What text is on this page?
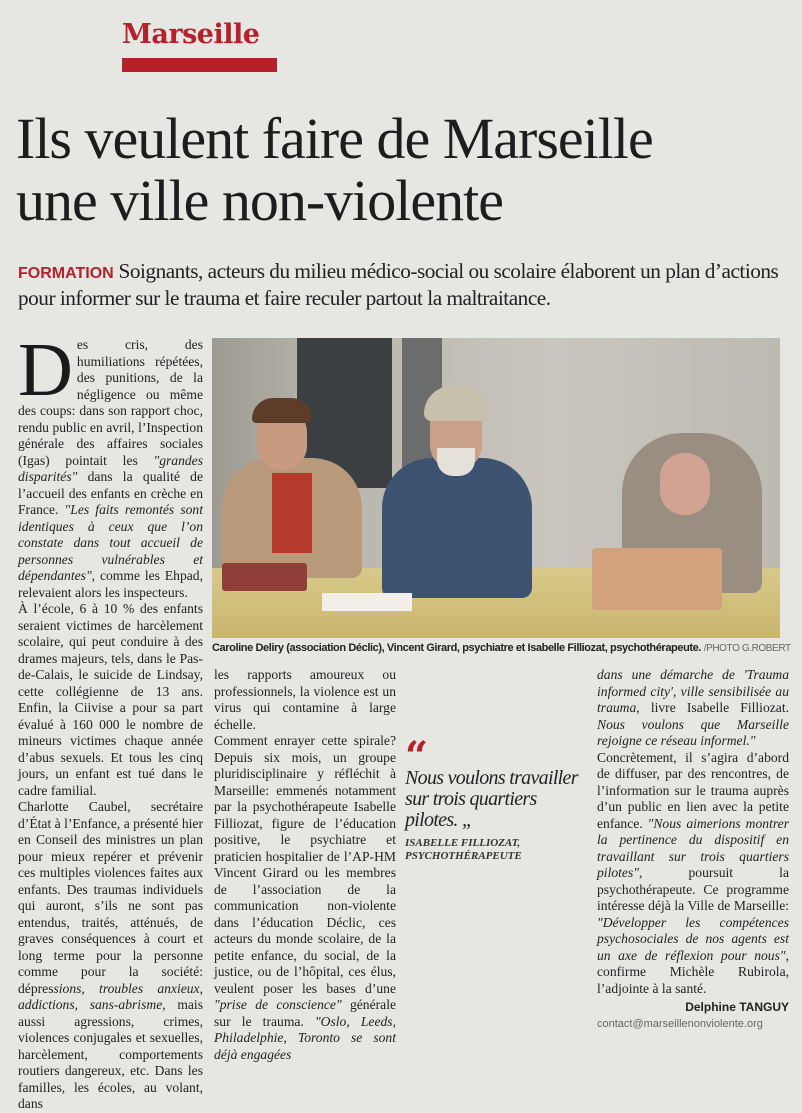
Marseille
Ils veulent faire de Marseille
une ville non-violente
FORMATION Soignants, acteurs du milieu médico-social ou scolaire élaborent un plan d’actions pour informer sur le trauma et faire reculer partout la maltraitance.

Des cris, des humiliations répétées, des punitions, de la négligence ou même des coups: dans son rapport choc, rendu public en avril, l’Inspection générale des affaires sociales (Igas) pointait les "grandes disparités" dans la qualité de l’accueil des enfants en crèche en France. "Les faits remontés sont identiques à ceux que l’on constate dans tout accueil de personnes vulnérables et dépendantes", comme les Ehpad, relevaient alors les inspecteurs.

À l’école, 6 à 10 % des enfants seraient victimes de harcèlement scolaire, qui peut conduire à des drames majeurs, tels, dans le Pas-de-Calais, le suicide de Lindsay, cette collégienne de 13 ans. Enfin, la Ciivise a pour sa part évalué à 160 000 le nombre de mineurs victimes chaque année d’abus sexuels. Et tous les cinq jours, un enfant est tué dans le cadre familial.

Charlotte Caubel, secrétaire d’État à l’Enfance, a présenté hier en Conseil des ministres un plan pour mieux repérer et prévenir ces multiples violences faites aux enfants. Des traumas individuels qui auront, s’ils ne sont pas entendus, traités, atténués, de graves conséquences à court et long terme pour la personne comme pour la société: dépressions, troubles anxieux, addictions, sans-abrisme, mais aussi agressions, crimes, violences conjugales et sexuelles, harcèlement, comportements routiers dangereux, etc. Dans les familles, les écoles, au volant, dans

les rapports amoureux ou professionnels, la violence est un virus qui contamine à large échelle.

Comment enrayer cette spirale? Depuis six mois, un groupe pluridisciplinaire y réfléchit à Marseille: emmenés notamment par la psychothérapeute Isabelle Filliozat, figure de l’éducation positive, le psychiatre et praticien hospitalier de l’AP-HM Vincent Girard ou les membres de l’association de la communication non-violente dans l’éducation Déclic, ces acteurs du monde scolaire, de la petite enfance, du social, de la justice, ou de l’hôpital, ces élus, veulent poser les bases d’une "prise de conscience" générale sur le trauma. "Oslo, Leeds, Philadelphie, Toronto se sont déjà engagées

dans une démarche de 'Trauma informed city', ville sensibilisée au trauma, livre Isabelle Filliozat. Nous voulons que Marseille rejoigne ce réseau informel."

Concrètement, il s’agira d’abord de diffuser, par des rencontres, de l’information sur le trauma auprès d’un public en lien avec la petite enfance. "Nous aimerions montrer la pertinence du dispositif en travaillant sur trois quartiers pilotes", poursuit la psychothérapeute. Ce programme intéresse déjà la Ville de Marseille: "Développer les compétences psychosociales de nos agents est un axe de réflexion pour nous", confirme Michèle Rubirola, l’adjointe à la santé.

Delphine TANGUY
contact@marseillenonviolente.org
Caroline Deliry (association Déclic), Vincent Girard, psychiatre et Isabelle Filliozat, psychothérapeute. /PHOTO G.ROBERT
“
Nous voulons travailler sur trois quartiers pilotes. „
ISABELLE FILLIOZAT,
PSYCHOTHÉRAPEUTE
